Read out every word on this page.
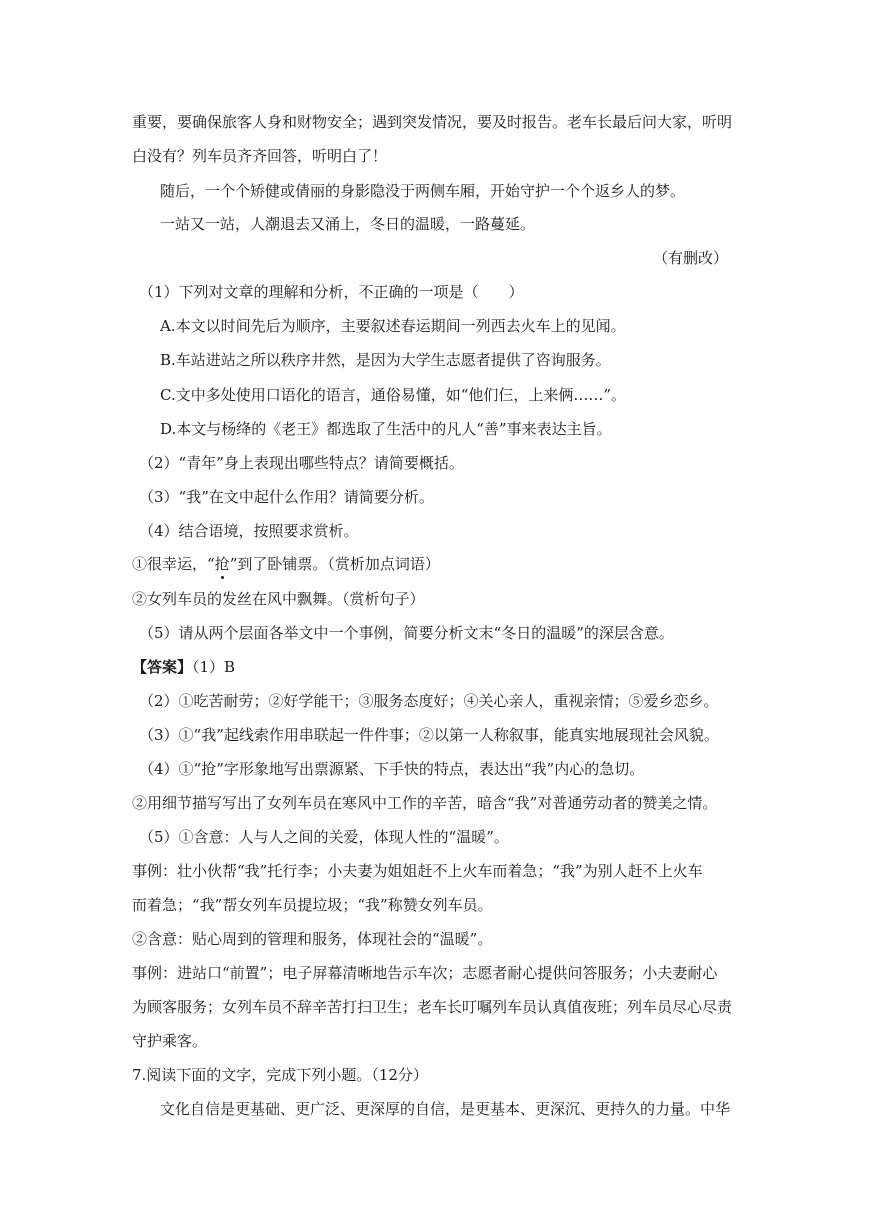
重要，要确保旅客人身和财物安全；遇到突发情况，要及时报告。老车长最后问大家，听明
白没有？列车员齐齐回答，听明白了！
随后，一个个矫健或倩丽的身影隐没于两侧车厢，开始守护一个个返乡人的梦。
一站又一站，人潮退去又涌上，冬日的温暖，一路蔓延。
（有删改）
（1）下列对文章的理解和分析，不正确的一项是（　　）
A.本文以时间先后为顺序，主要叙述春运期间一列西去火车上的见闻。
B.车站进站之所以秩序井然，是因为大学生志愿者提供了咨询服务。
C.文中多处使用口语化的语言，通俗易懂，如“他们仨，上来俩……”。
D.本文与杨绛的《老王》都选取了生活中的凡人“善”事来表达主旨。
（2）“青年”身上表现出哪些特点？请简要概括。
（3）“我”在文中起什么作用？请简要分析。
（4）结合语境，按照要求赏析。
①很幸运，“抢”到了卧铺票。（赏析加点词语）
②女列车员的发丝在风中飘舞。（赏析句子）
（5）请从两个层面各举文中一个事例，简要分析文末“冬日的温暖”的深层含意。
【答案】（1）B
（2）①吃苦耐劳；②好学能干；③服务态度好；④关心亲人，重视亲情；⑤爱乡恋乡。
（3）①“我”起线索作用串联起一件件事；②以第一人称叙事，能真实地展现社会风貌。
（4）①“抢”字形象地写出票源紧、下手快的特点，表达出“我”内心的急切。
②用细节描写写出了女列车员在寒风中工作的辛苦，暗含“我”对普通劳动者的赞美之情。
（5）①含意：人与人之间的关爱，体现人性的“温暖”。
事例：壮小伙帮“我”托行李；小夫妻为姐姐赶不上火车而着急；“我”为别人赶不上火车
而着急；“我”帮女列车员提垃圾；“我”称赞女列车员。
②含意：贴心周到的管理和服务，体现社会的“温暖”。
事例：进站口“前置”；电子屏幕清晰地告示车次；志愿者耐心提供问答服务；小夫妻耐心
为顾客服务；女列车员不辞辛苦打扫卫生；老车长叮嘱列车员认真值夜班；列车员尽心尽责
守护乘客。
7.阅读下面的文字，完成下列小题。（12分）
文化自信是更基础、更广泛、更深厚的自信，是更基本、更深沉、更持久的力量。中华
